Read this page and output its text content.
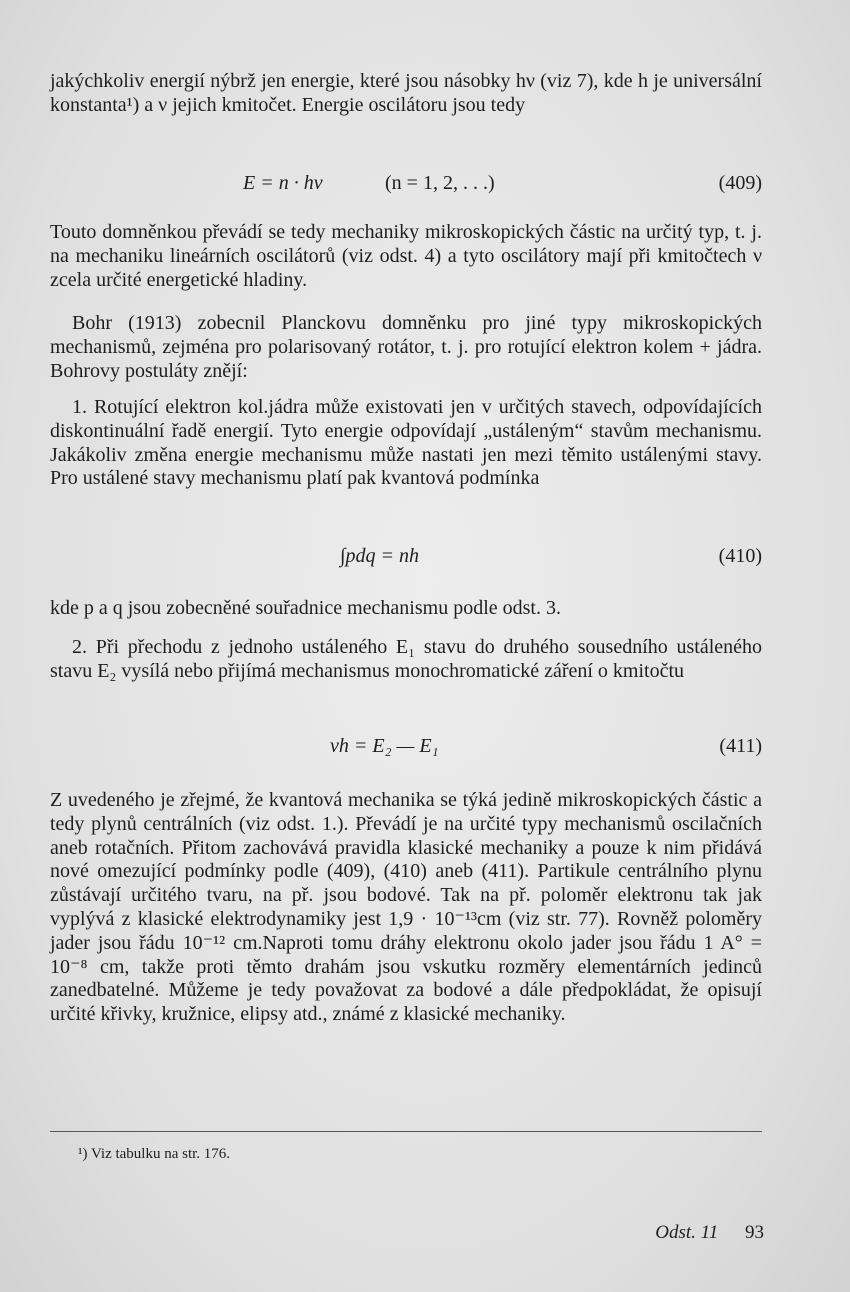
jakýchkoliv energií nýbrž jen energie, které jsou násobky hν (viz 7), kde h je universální konstanta¹) a ν jejich kmitočet. Energie oscilátoru jsou tedy

E = n · hν	(n = 1, 2, . . .)	(409)

Touto domněnkou převádí se tedy mechaniky mikroskopických částic na určitý typ, t. j. na mechaniku lineárních oscilátorů (viz odst. 4) a tyto oscilátory mají při kmitočtech ν zcela určité energetické hladiny.

Bohr (1913) zobecnil Planckovu domněnku pro jiné typy mikroskopických mechanismů, zejména pro polarisovaný rotátor, t. j. pro rotující elektron kolem + jádra. Bohrovy postuláty znějí:

1. Rotující elektron kol.jádra může existovati jen v určitých stavech, odpovídajících diskontinuální řadě energií. Tyto energie odpovídají „ustáleným“ stavům mechanismu. Jakákoliv změna energie mechanismu může nastati jen mezi těmito ustálenými stavy. Pro ustálené stavy mechanismu platí pak kvantová podmínka

∫pdq = nh	(410)

kde p a q jsou zobecněné souřadnice mechanismu podle odst. 3.

2. Při přechodu z jednoho ustáleného E₁ stavu do druhého sousedního ustáleného stavu E₂ vysílá nebo přijímá mechanismus monochromatické záření o kmitočtu

νh = E₂ — E₁	(411)

Z uvedeného je zřejmé, že kvantová mechanika se týká jedině mikroskopických částic a tedy plynů centrálních (viz odst. 1.). Převádí je na určité typy mechanismů oscilačních aneb rotačních. Přitom zachovává pravidla klasické mechaniky a pouze k nim přidává nové omezující podmínky podle (409), (410) aneb (411). Partikule centrálního plynu zůstávají určitého tvaru, na př. jsou bodové. Tak na př. poloměr elektronu tak jak vyplývá z klasické elektrodynamiky jest 1,9 · 10⁻¹³cm (viz str. 77). Rovněž poloměry jader jsou řádu 10⁻¹² cm.Naproti tomu dráhy elektronu okolo jader jsou řádu 1 A° = 10⁻⁸ cm, takže proti těmto drahám jsou vskutku rozměry elementárních jedinců zanedbatelné. Můžeme je tedy považovat za bodové a dále předpokládat, že opisují určité křivky, kružnice, elipsy atd., známé z klasické mechaniky.

¹) Viz tabulku na str. 176.
Odst. 11 93
